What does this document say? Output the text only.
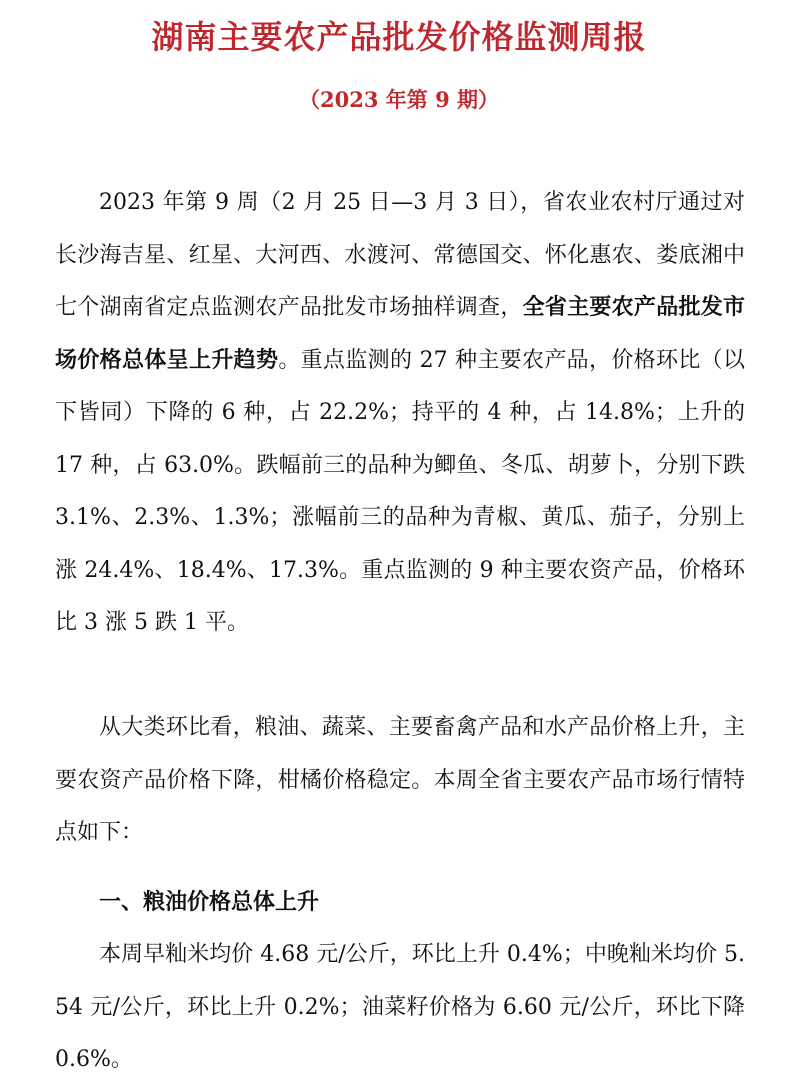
湖南主要农产品批发价格监测周报
（2023 年第 9 期）

2023 年第 9 周（2 月 25 日—3 月 3 日），省农业农村厅通过对长沙海吉星、红星、大河西、水渡河、常德国交、怀化惠农、娄底湘中七个湖南省定点监测农产品批发市场抽样调查，全省主要农产品批发市场价格总体呈上升趋势。重点监测的 27 种主要农产品，价格环比（以下皆同）下降的 6 种，占 22.2%；持平的 4 种，占 14.8%；上升的 17 种，占 63.0%。跌幅前三的品种为鲫鱼、冬瓜、胡萝卜，分别下跌 3.1%、2.3%、1.3%；涨幅前三的品种为青椒、黄瓜、茄子，分别上涨 24.4%、18.4%、17.3%。重点监测的 9 种主要农资产品，价格环比 3 涨 5 跌 1 平。

从大类环比看，粮油、蔬菜、主要畜禽产品和水产品价格上升，主要农资产品价格下降，柑橘价格稳定。本周全省主要农产品市场行情特点如下：

一、粮油价格总体上升

本周早籼米均价 4.68 元/公斤，环比上升 0.4%；中晚籼米均价 5.54 元/公斤，环比上升 0.2%；油菜籽价格为 6.60 元/公斤，环比下降 0.6%。
